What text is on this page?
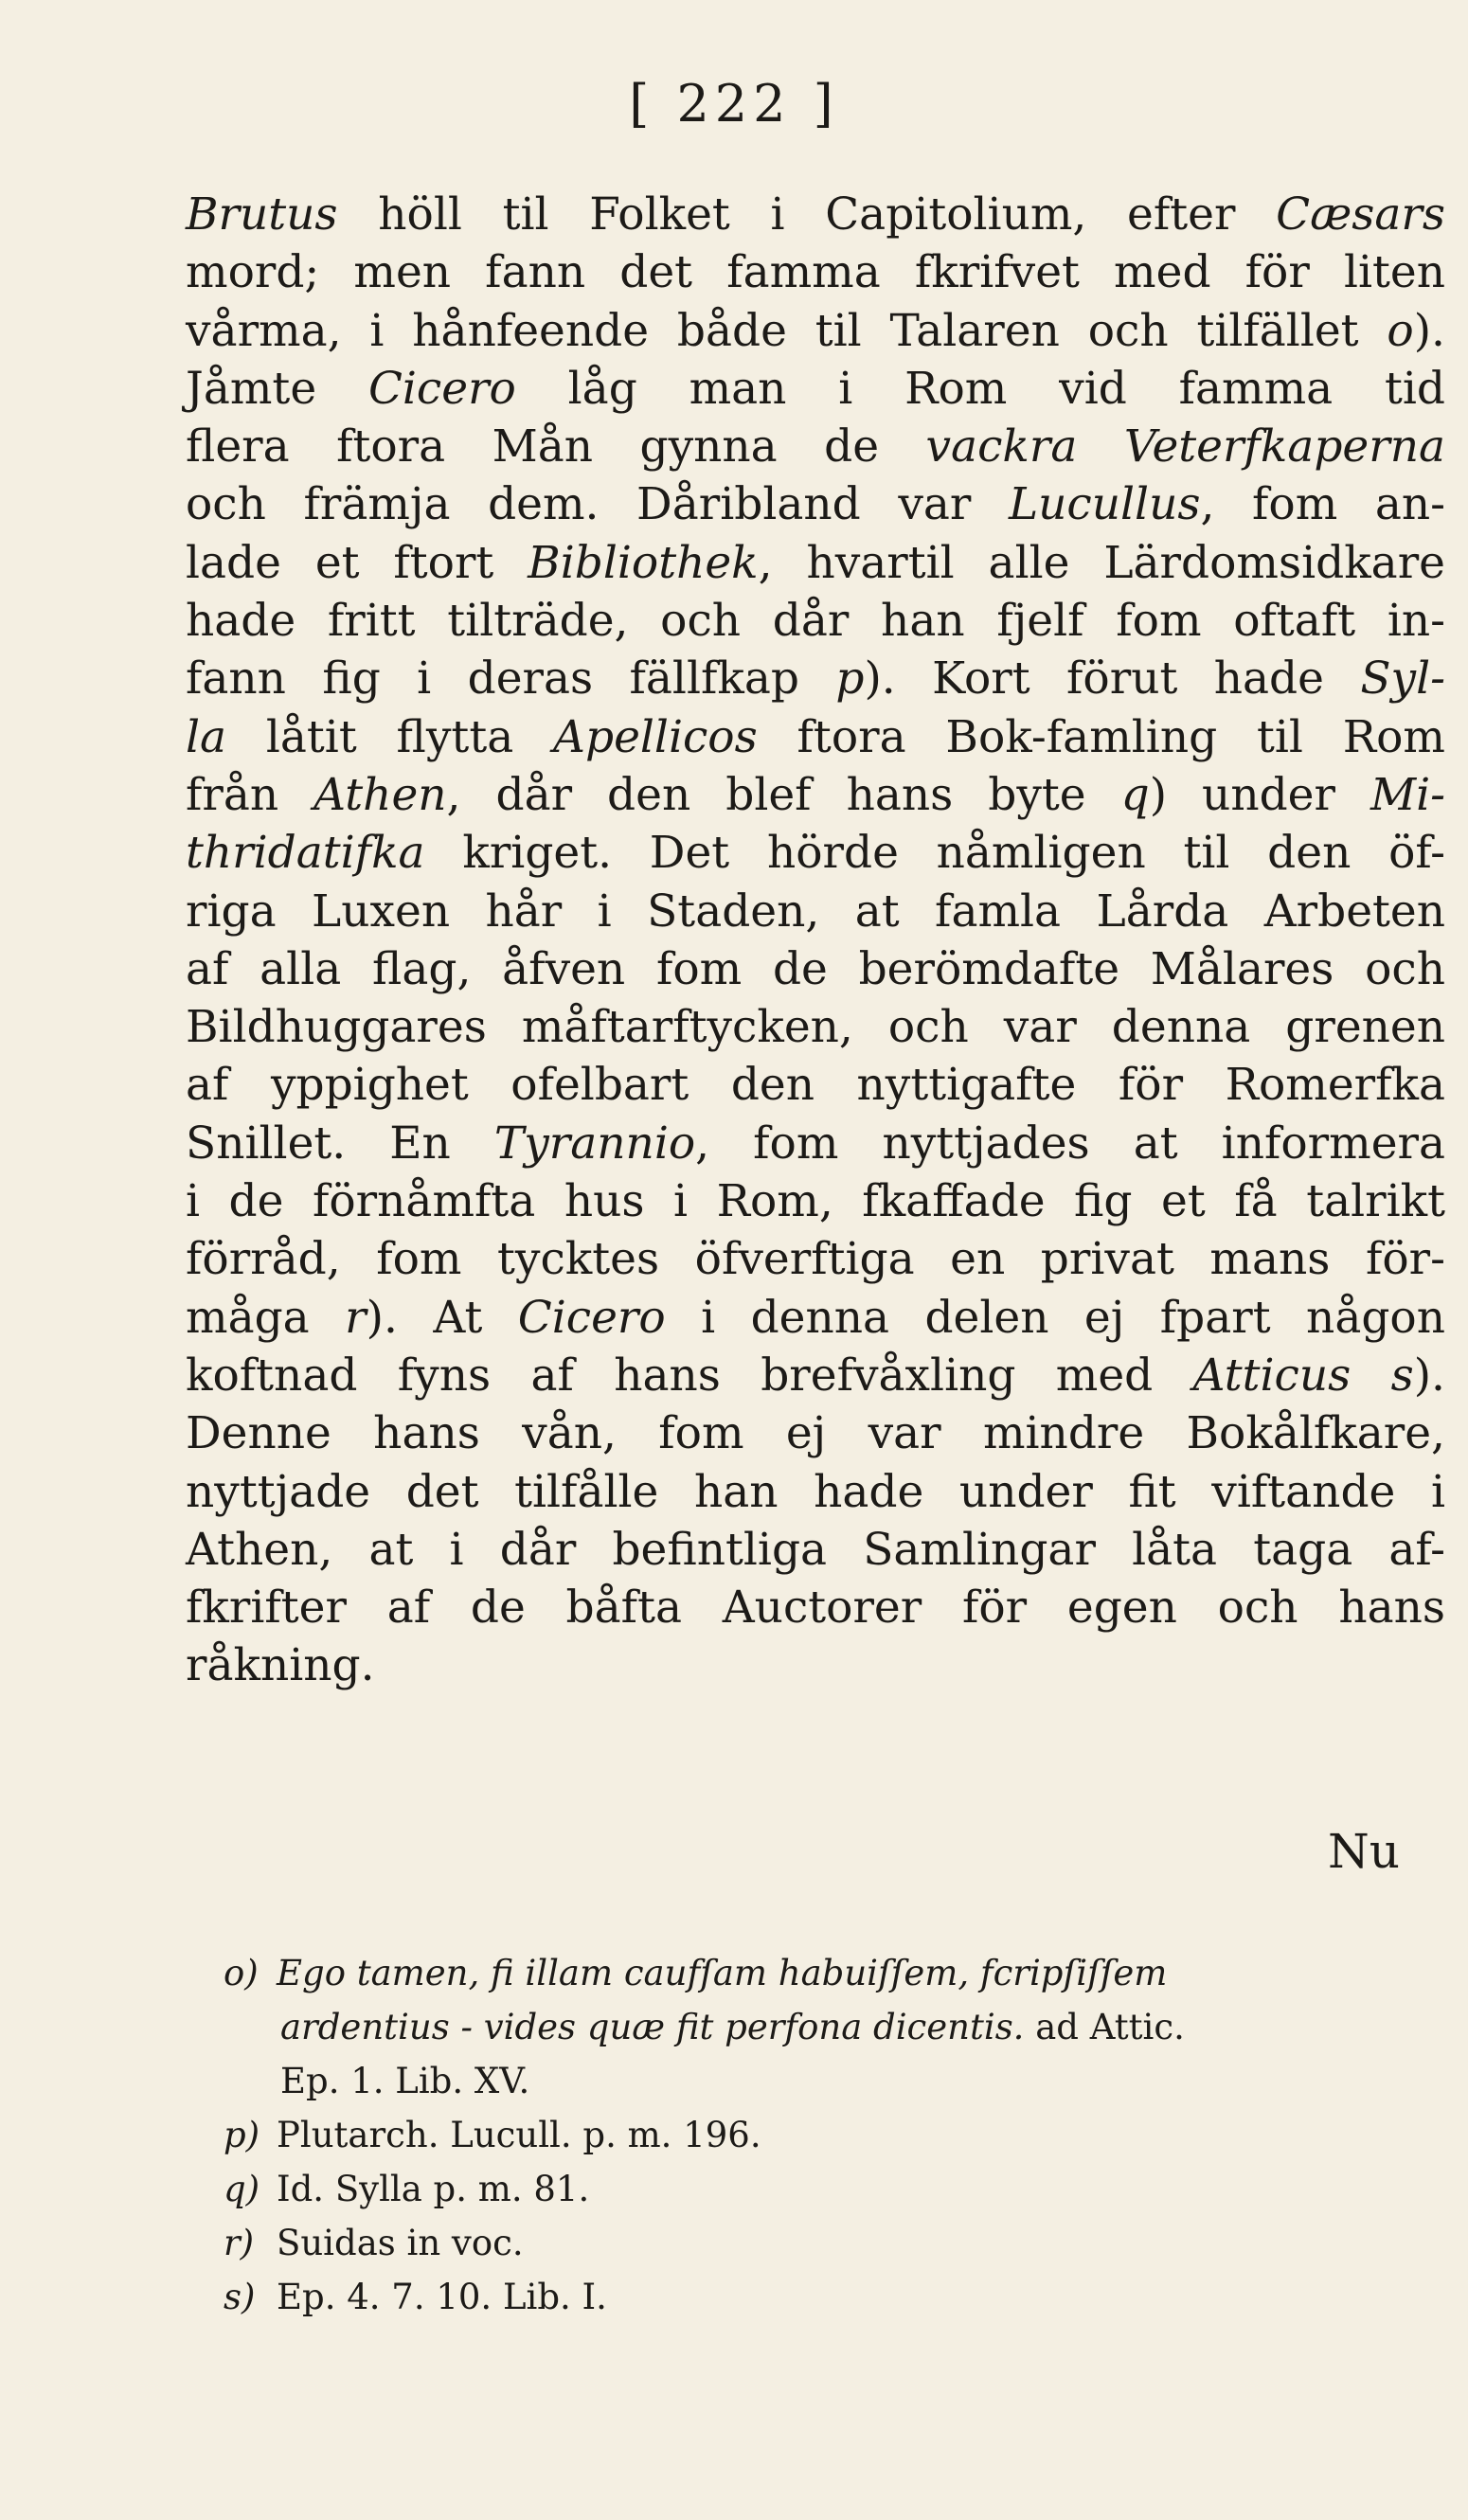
[ 222 ]
Brutus höll til Folket i Capitolium, efter Cæsars
mord; men fann det famma fkrifvet med för liten
vårma, i hånfeende både til Talaren och tilfället o).
Jåmte Cicero låg man i Rom vid famma tid
flera ftora Mån gynna de vackra Veterfkaperna
och främja dem. Dåribland var Lucullus, fom an-
lade et ftort Bibliothek, hvartil alle Lärdomsidkare
hade fritt tilträde, och dår han fjelf fom oftaft in-
fann fig i deras fällfkap p). Kort förut hade Syl-
la låtit flytta Apellicos ftora Bok-famling til Rom
från Athen, dår den blef hans byte q) under Mi-
thridatifka kriget. Det hörde nåmligen til den öf-
riga Luxen hår i Staden, at famla Lårda Arbeten
af alla flag, åfven fom de berömdafte Målares och
Bildhuggares måftarftycken, och var denna grenen
af yppighet ofelbart den nyttigafte för Romerfka
Snillet. En Tyrannio, fom nyttjades at informera
i de förnåmfta hus i Rom, fkaffade fig et få talrikt
förråd, fom tycktes öfverftiga en privat mans för-
måga r). At Cicero i denna delen ej fpart någon
koftnad fyns af hans brefvåxling med Atticus s).
Denne hans vån, fom ej var mindre Bokålfkare,
nyttjade det tilfålle han hade under fit viftande i
Athen, at i dår befintliga Samlingar låta taga af-
fkrifter af de båfta Auctorer för egen och hans
råkning.
Nu
o) Ego tamen, fi illam caufſam habuiſſem, fcripſiſſem
ardentius - vides quæ fit perfona dicentis. ad Attic.
Ep. 1. Lib. XV.
p) Plutarch. Lucull. p. m. 196.
q) Id. Sylla p. m. 81.
r) Suidas in voc.
s) Ep. 4. 7. 10. Lib. I.
